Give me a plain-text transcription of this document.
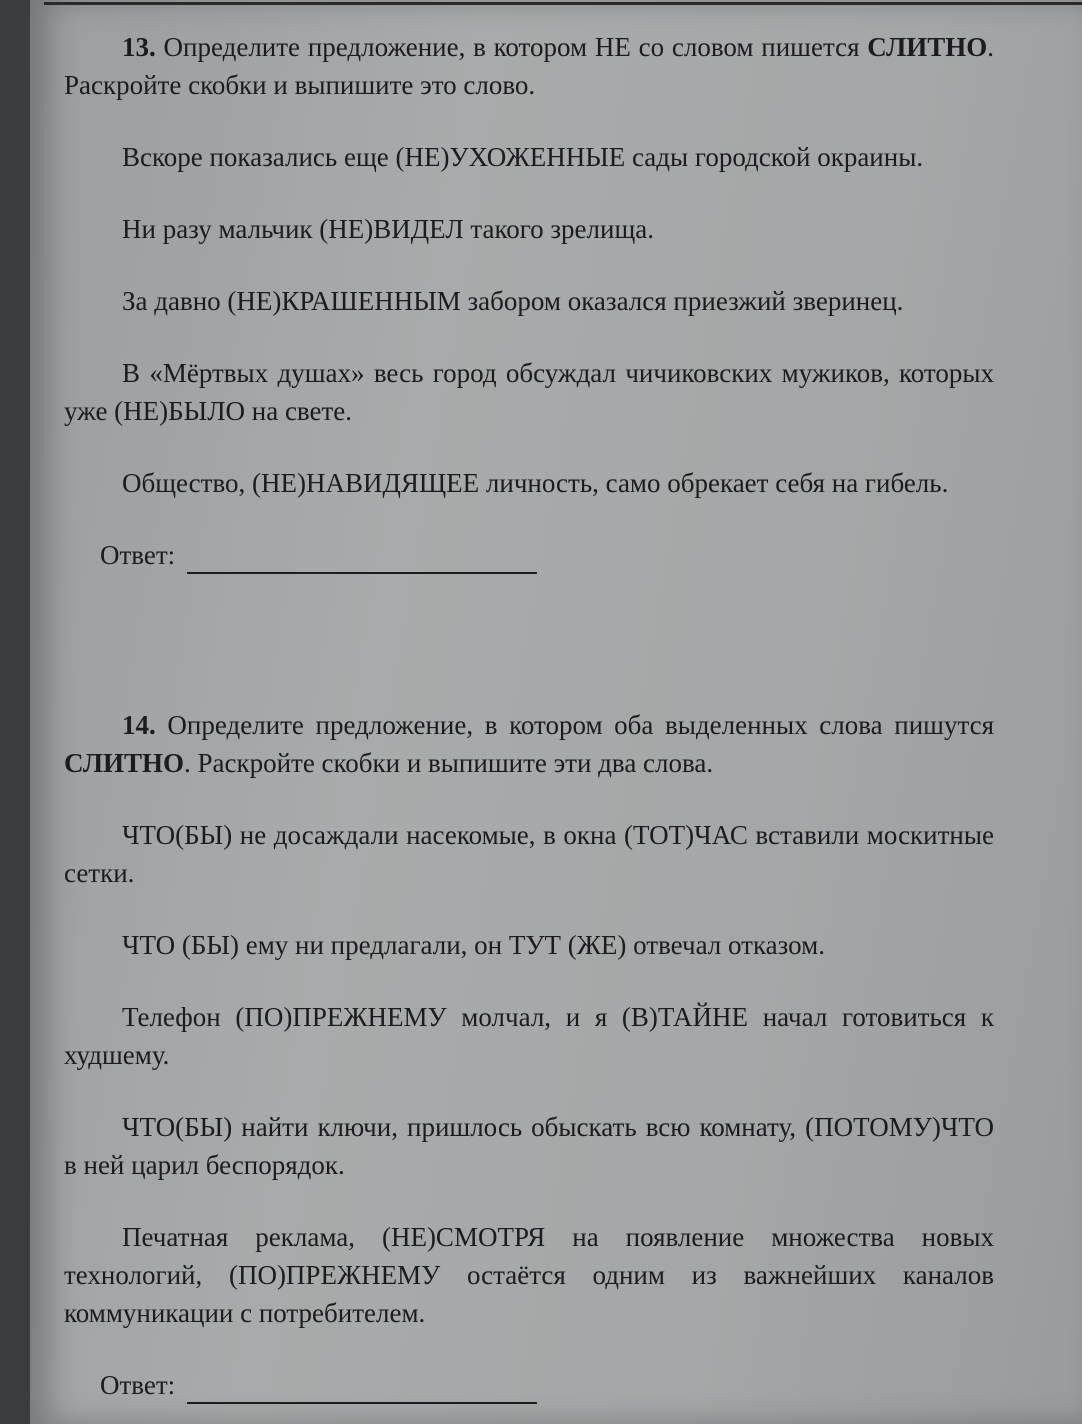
13. Определите предложение, в котором НЕ со словом пишется СЛИТНО. Раскройте скобки и выпишите это слово.

Вскоре показались еще (НЕ)УХОЖЕННЫЕ сады городской окраины.

Ни разу мальчик (НЕ)ВИДЕЛ такого зрелища.

За давно (НЕ)КРАШЕННЫМ забором оказался приезжий зверинец.

В «Мёртвых душах» весь город обсуждал чичиковских мужиков, которых уже (НЕ)БЫЛО на свете.

Общество, (НЕ)НАВИДЯЩЕЕ личность, само обрекает себя на гибель.

Ответ:

14. Определите предложение, в котором оба выделенных слова пишутся СЛИТНО. Раскройте скобки и выпишите эти два слова.

ЧТО(БЫ) не досаждали насекомые, в окна (ТОТ)ЧАС вставили москитные сетки.

ЧТО (БЫ) ему ни предлагали, он ТУТ (ЖЕ) отвечал отказом.

Телефон (ПО)ПРЕЖНЕМУ молчал, и я (В)ТАЙНЕ начал готовиться к худшему.

ЧТО(БЫ) найти ключи, пришлось обыскать всю комнату, (ПОТОМУ)ЧТО в ней царил беспорядок.

Печатная реклама, (НЕ)СМОТРЯ на появление множества новых технологий, (ПО)ПРЕЖНЕМУ остаётся одним из важнейших каналов коммуникации с потребителем.

Ответ:
